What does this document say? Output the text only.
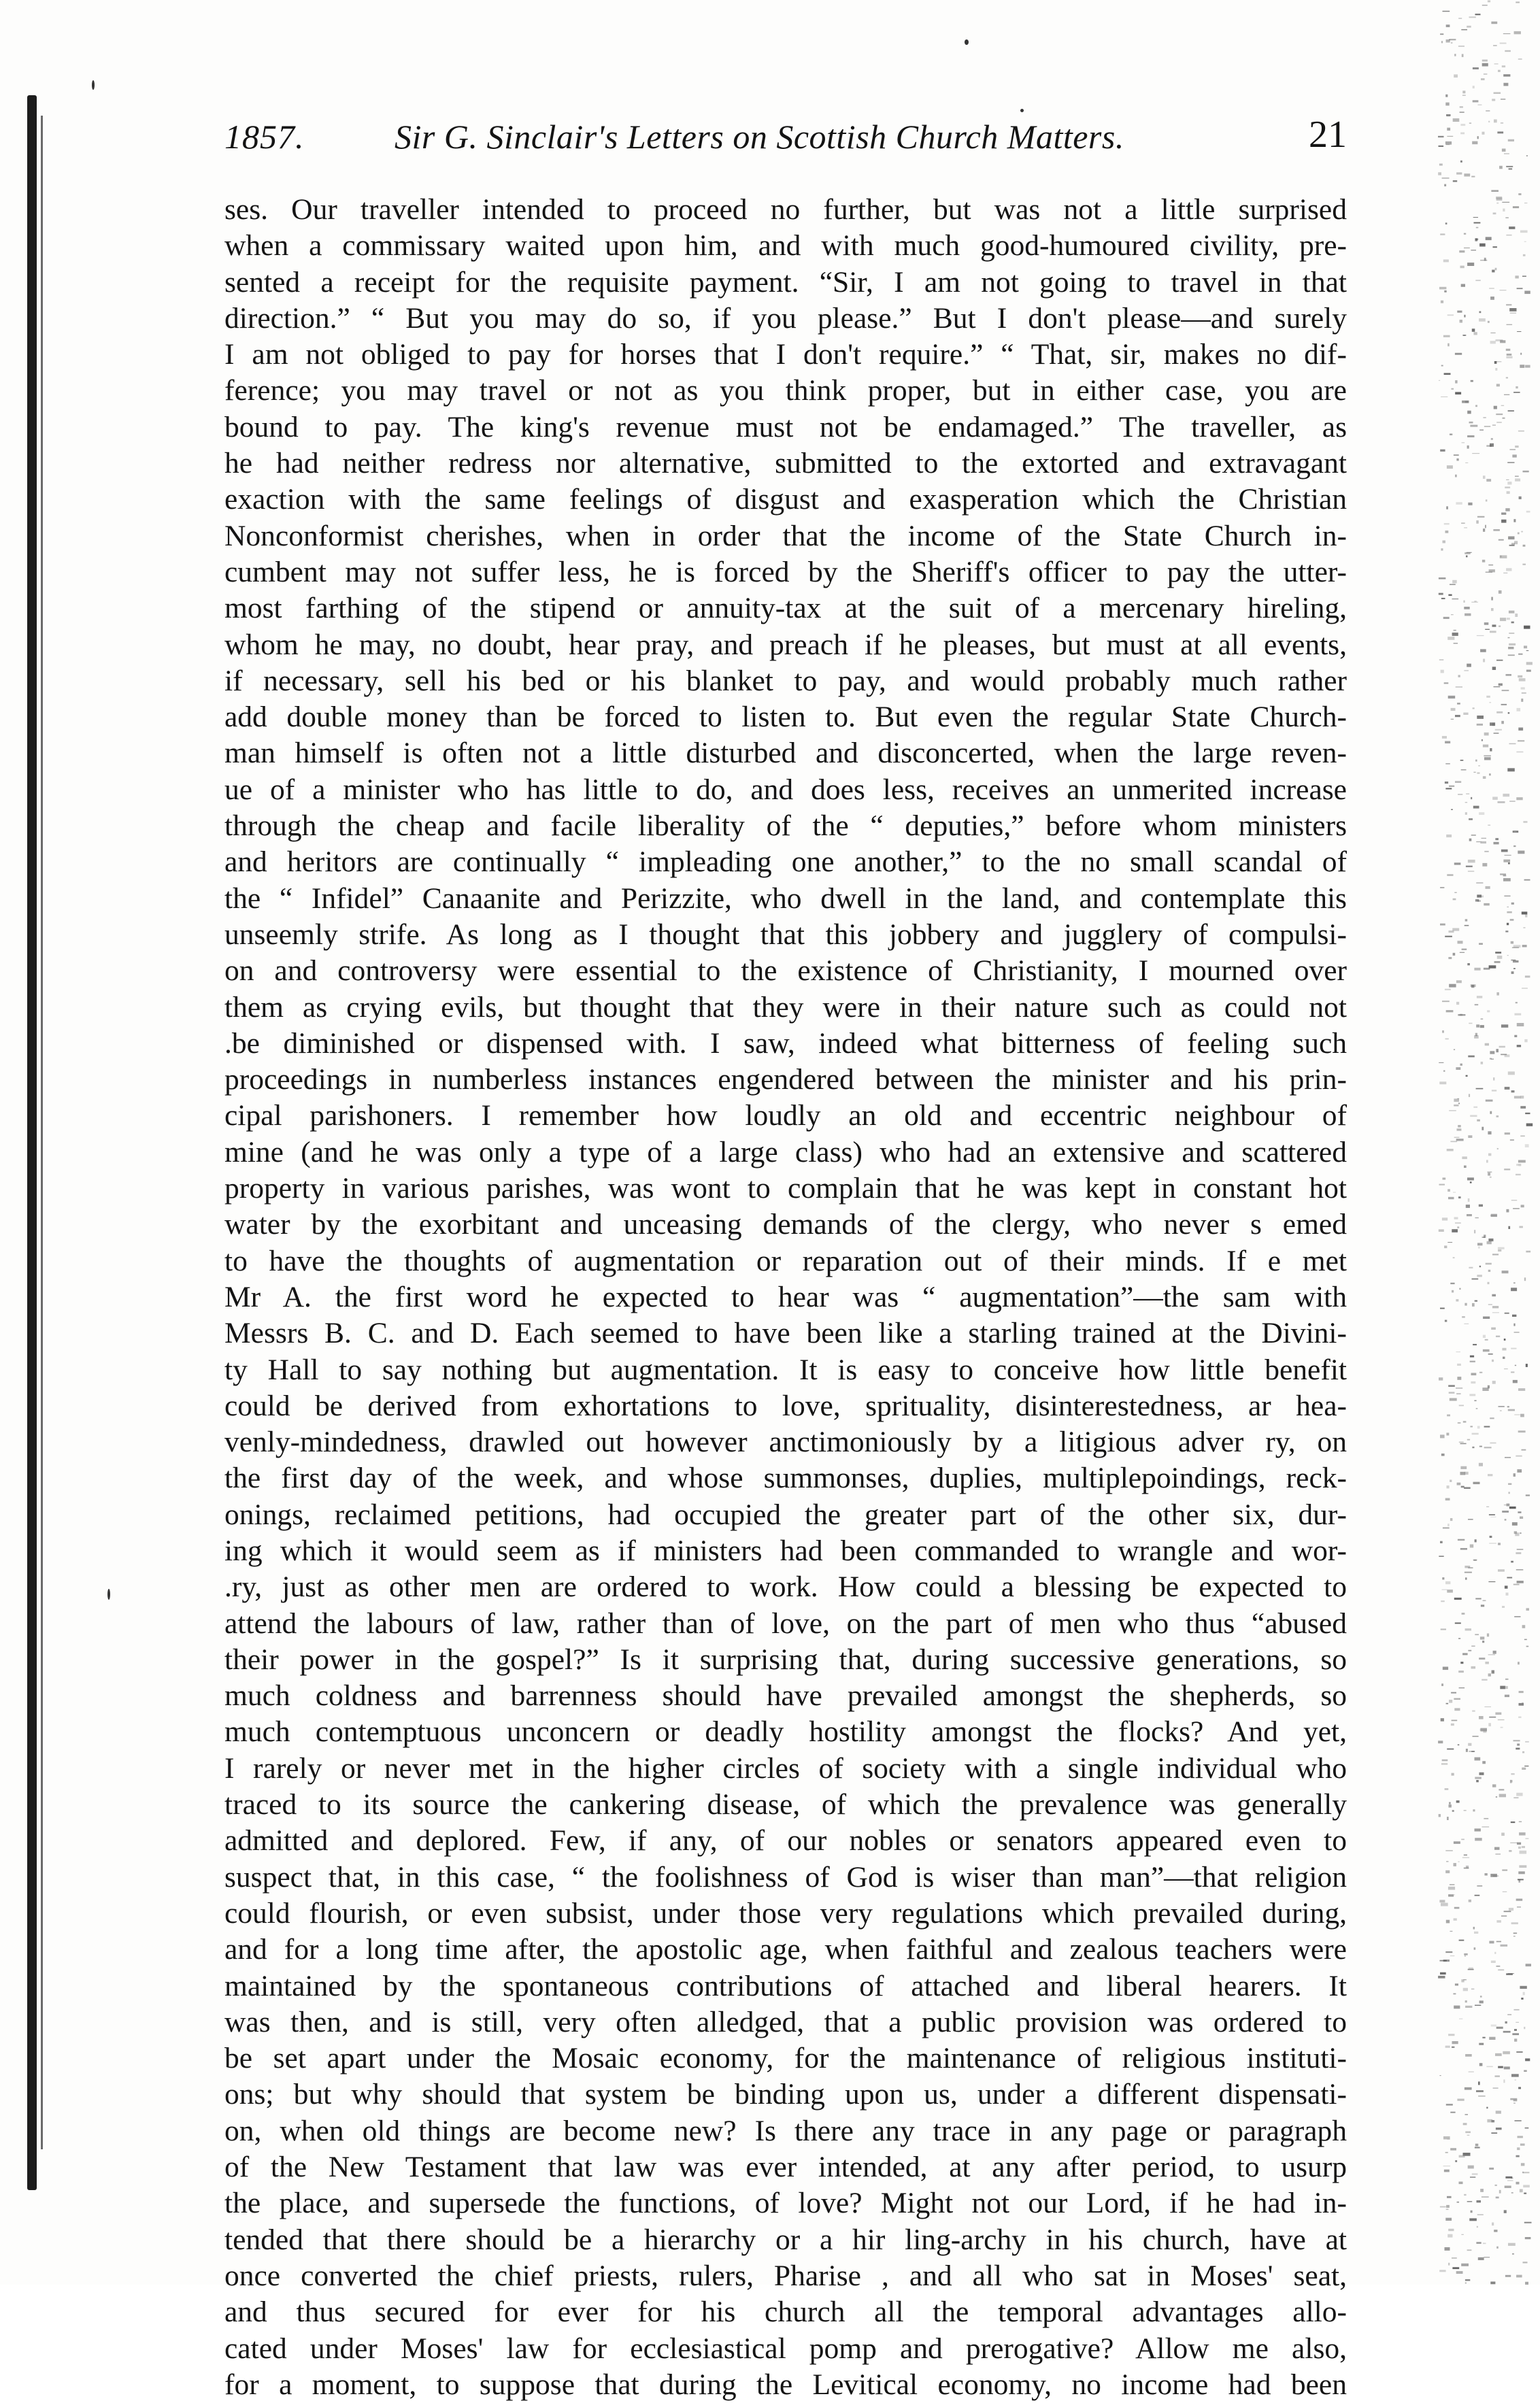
1857.	Sir G. Sinclair's Letters on Scottish Church Matters.	21
ses. Our traveller intended to proceed no further, but was not a little surprised
when a commissary waited upon him, and with much good-humoured civility, pre-
sented a receipt for the requisite payment. “Sir, I am not going to travel in that
direction.” “ But you may do so, if you please.” But I don't please—and surely
I am not obliged to pay for horses that I don't require.” “ That, sir, makes no dif-
ference; you may travel or not as you think proper, but in either case, you are
bound to pay. The king's revenue must not be endamaged.” The traveller, as
he had neither redress nor alternative, submitted to the extorted and extravagant
exaction with the same feelings of disgust and exasperation which the Christian
Nonconformist cherishes, when in order that the income of the State Church in-
cumbent may not suffer less, he is forced by the Sheriff's officer to pay the utter-
most farthing of the stipend or annuity-tax at the suit of a mercenary hireling,
whom he may, no doubt, hear pray, and preach if he pleases, but must at all events,
if necessary, sell his bed or his blanket to pay, and would probably much rather
add double money than be forced to listen to. But even the regular State Church-
man himself is often not a little disturbed and disconcerted, when the large reven-
ue of a minister who has little to do, and does less, receives an unmerited increase
through the cheap and facile liberality of the “ deputies,” before whom ministers
and heritors are continually “ impleading one another,” to the no small scandal of
the “ Infidel” Canaanite and Perizzite, who dwell in the land, and contemplate this
unseemly strife. As long as I thought that this jobbery and jugglery of compulsi-
on and controversy were essential to the existence of Christianity, I mourned over
them as crying evils, but thought that they were in their nature such as could not
.be diminished or dispensed with. I saw, indeed what bitterness of feeling such
proceedings in numberless instances engendered between the minister and his prin-
cipal parishoners. I remember how loudly an old and eccentric neighbour of
mine (and he was only a type of a large class) who had an extensive and scattered
property in various parishes, was wont to complain that he was kept in constant hot
water by the exorbitant and unceasing demands of the clergy, who never s emed
to have the thoughts of augmentation or reparation out of their minds. If e met
Mr A. the first word he expected to hear was “ augmentation”—the sam with
Messrs B. C. and D. Each seemed to have been like a starling trained at the Divini-
ty Hall to say nothing but augmentation. It is easy to conceive how little benefit
could be derived from exhortations to love, sprituality, disinterestedness, ar hea-
venly-mindedness, drawled out however anctimoniously by a litigious adver ry, on
the first day of the week, and whose summonses, duplies, multiplepoindings, reck-
onings, reclaimed petitions, had occupied the greater part of the other six, dur-
ing which it would seem as if ministers had been commanded to wrangle and wor-
.ry, just as other men are ordered to work. How could a blessing be expected to
attend the labours of law, rather than of love, on the part of men who thus “abused
their power in the gospel?” Is it surprising that, during successive generations, so
much coldness and barrenness should have prevailed amongst the shepherds, so
much contemptuous unconcern or deadly hostility amongst the flocks? And yet,
I rarely or never met in the higher circles of society with a single individual who
traced to its source the cankering disease, of which the prevalence was generally
admitted and deplored. Few, if any, of our nobles or senators appeared even to
suspect that, in this case, “ the foolishness of God is wiser than man”—that religion
could flourish, or even subsist, under those very regulations which prevailed during,
and for a long time after, the apostolic age, when faithful and zealous teachers were
maintained by the spontaneous contributions of attached and liberal hearers. It
was then, and is still, very often alledged, that a public provision was ordered to
be set apart under the Mosaic economy, for the maintenance of religious instituti-
ons; but why should that system be binding upon us, under a different dispensati-
on, when old things are become new? Is there any trace in any page or paragraph
of the New Testament that law was ever intended, at any after period, to usurp
the place, and supersede the functions, of love? Might not our Lord, if he had in-
tended that there should be a hierarchy or a hir ling-archy in his church, have at
once converted the chief priests, rulers, Pharise , and all who sat in Moses' seat,
and thus secured for ever for his church all the temporal advantages allo-
cated under Moses' law for ecclesiastical pomp and prerogative? Allow me also,
for a moment, to suppose that during the Levitical economy, no income had been
